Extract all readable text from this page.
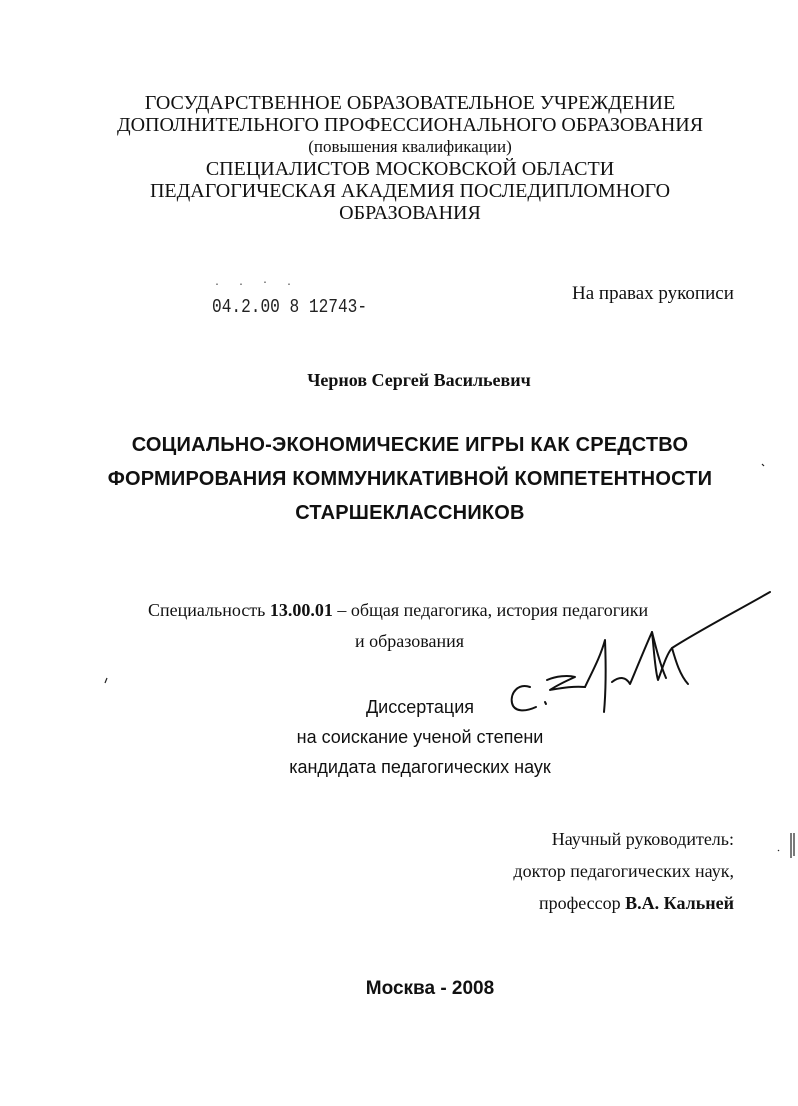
ГОСУДАРСТВЕННОЕ ОБРАЗОВАТЕЛЬНОЕ УЧРЕЖДЕНИЕ
ДОПОЛНИТЕЛЬНОГО ПРОФЕССИОНАЛЬНОГО ОБРАЗОВАНИЯ
(повышения квалификации)
СПЕЦИАЛИСТОВ МОСКОВСКОЙ ОБЛАСТИ
ПЕДАГОГИЧЕСКАЯ АКАДЕМИЯ ПОСЛЕДИПЛОМНОГО
ОБРАЗОВАНИЯ
. . · .
04.2.00 8 12743-
На правах рукописи
Чернов Сергей Васильевич
СОЦИАЛЬНО-ЭКОНОМИЧЕСКИЕ ИГРЫ КАК СРЕДСТВО
ФОРМИРОВАНИЯ КОММУНИКАТИВНОЙ КОМПЕТЕНТНОСТИ
СТАРШЕКЛАССНИКОВ
Специальность 13.00.01 – общая педагогика, история педагогики
и образования
Диссертация
на соискание ученой степени
кандидата педагогических наук
Научный руководитель:
доктор педагогических наук,
профессор В.А. Кальней
Москва - 2008
